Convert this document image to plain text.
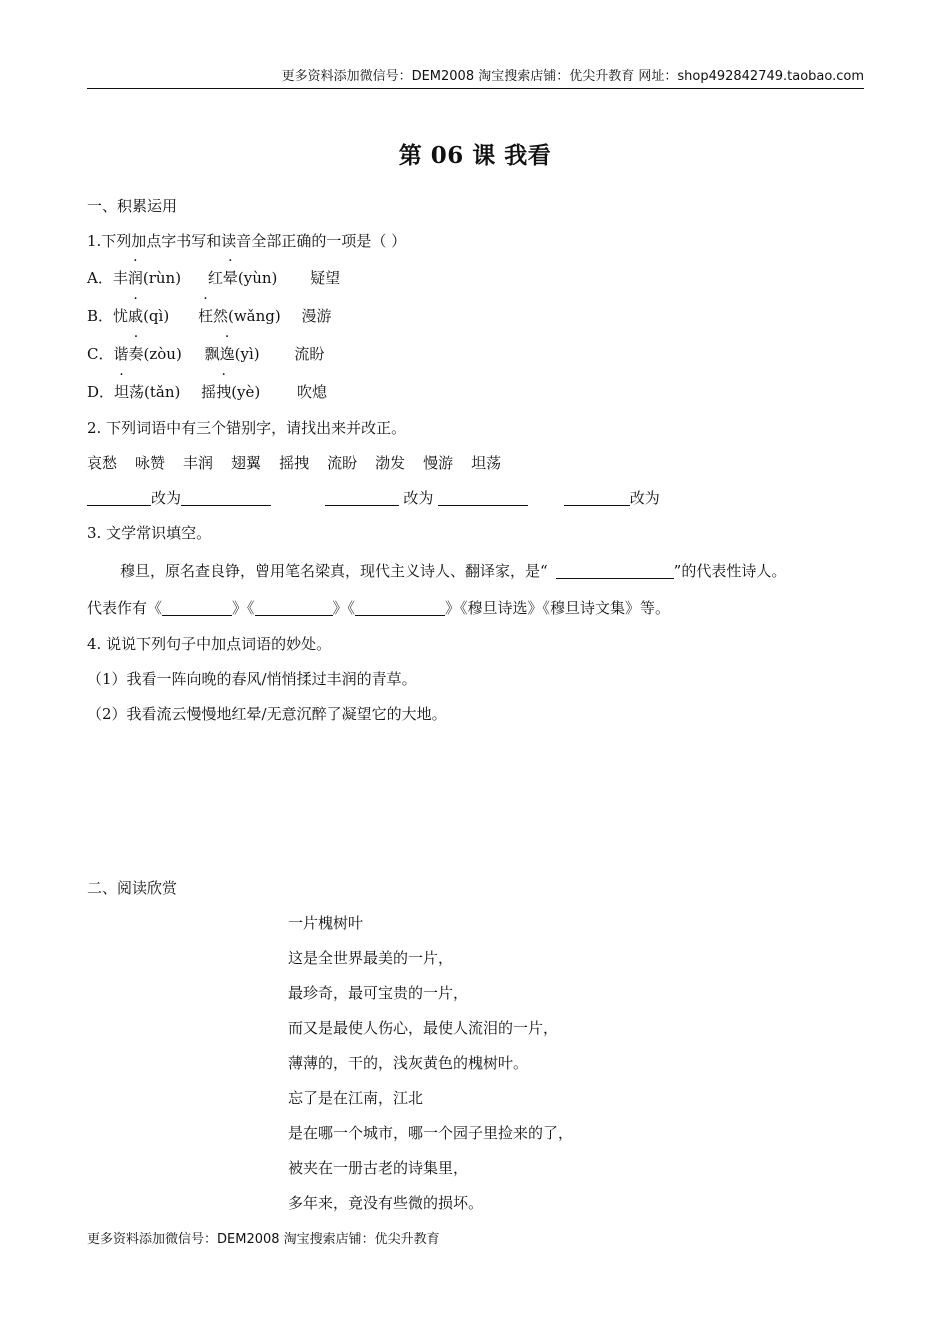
更多资料添加微信号：DEM2008 淘宝搜索店铺：优尖升教育 网址：shop492842749.taobao.com
第 06 课 我看
一、积累运用
1.下列加点字书写和读音全部正确的一项是（ ）
A．丰润(rùn) 红晕(yùn) 疑望
B．忧戚(qì) 枉然(wǎng) 漫游
C．谐奏(zòu) 飘逸(yì) 流盼
D．坦荡(tǎn) 摇拽(yè) 吹熄
2. 下列词语中有三个错别字，请找出来并改正。
哀愁 咏赞 丰润 翅翼 摇拽 流盼 渤发 慢游 坦荡
改为	改为	改为
3. 文学常识填空。
穆旦，原名查良铮，曾用笔名梁真，现代主义诗人、翻译家，是“	”的代表性诗人。
代表作有《	》《	》《	》《穆旦诗选》《穆旦诗文集》等。
4. 说说下列句子中加点词语的妙处。
（1）我看一阵向晚的春风/悄悄揉过丰润的青草。
（2）我看流云慢慢地红晕/无意沉醉了凝望它的大地。
二、阅读欣赏
一片槐树叶
这是全世界最美的一片，
最珍奇，最可宝贵的一片，
而又是最使人伤心，最使人流泪的一片，
薄薄的，干的，浅灰黄色的槐树叶。
忘了是在江南，江北
是在哪一个城市，哪一个园子里捡来的了，
被夹在一册古老的诗集里，
多年来，竟没有些微的损坏。
更多资料添加微信号：DEM2008 淘宝搜索店铺：优尖升教育
